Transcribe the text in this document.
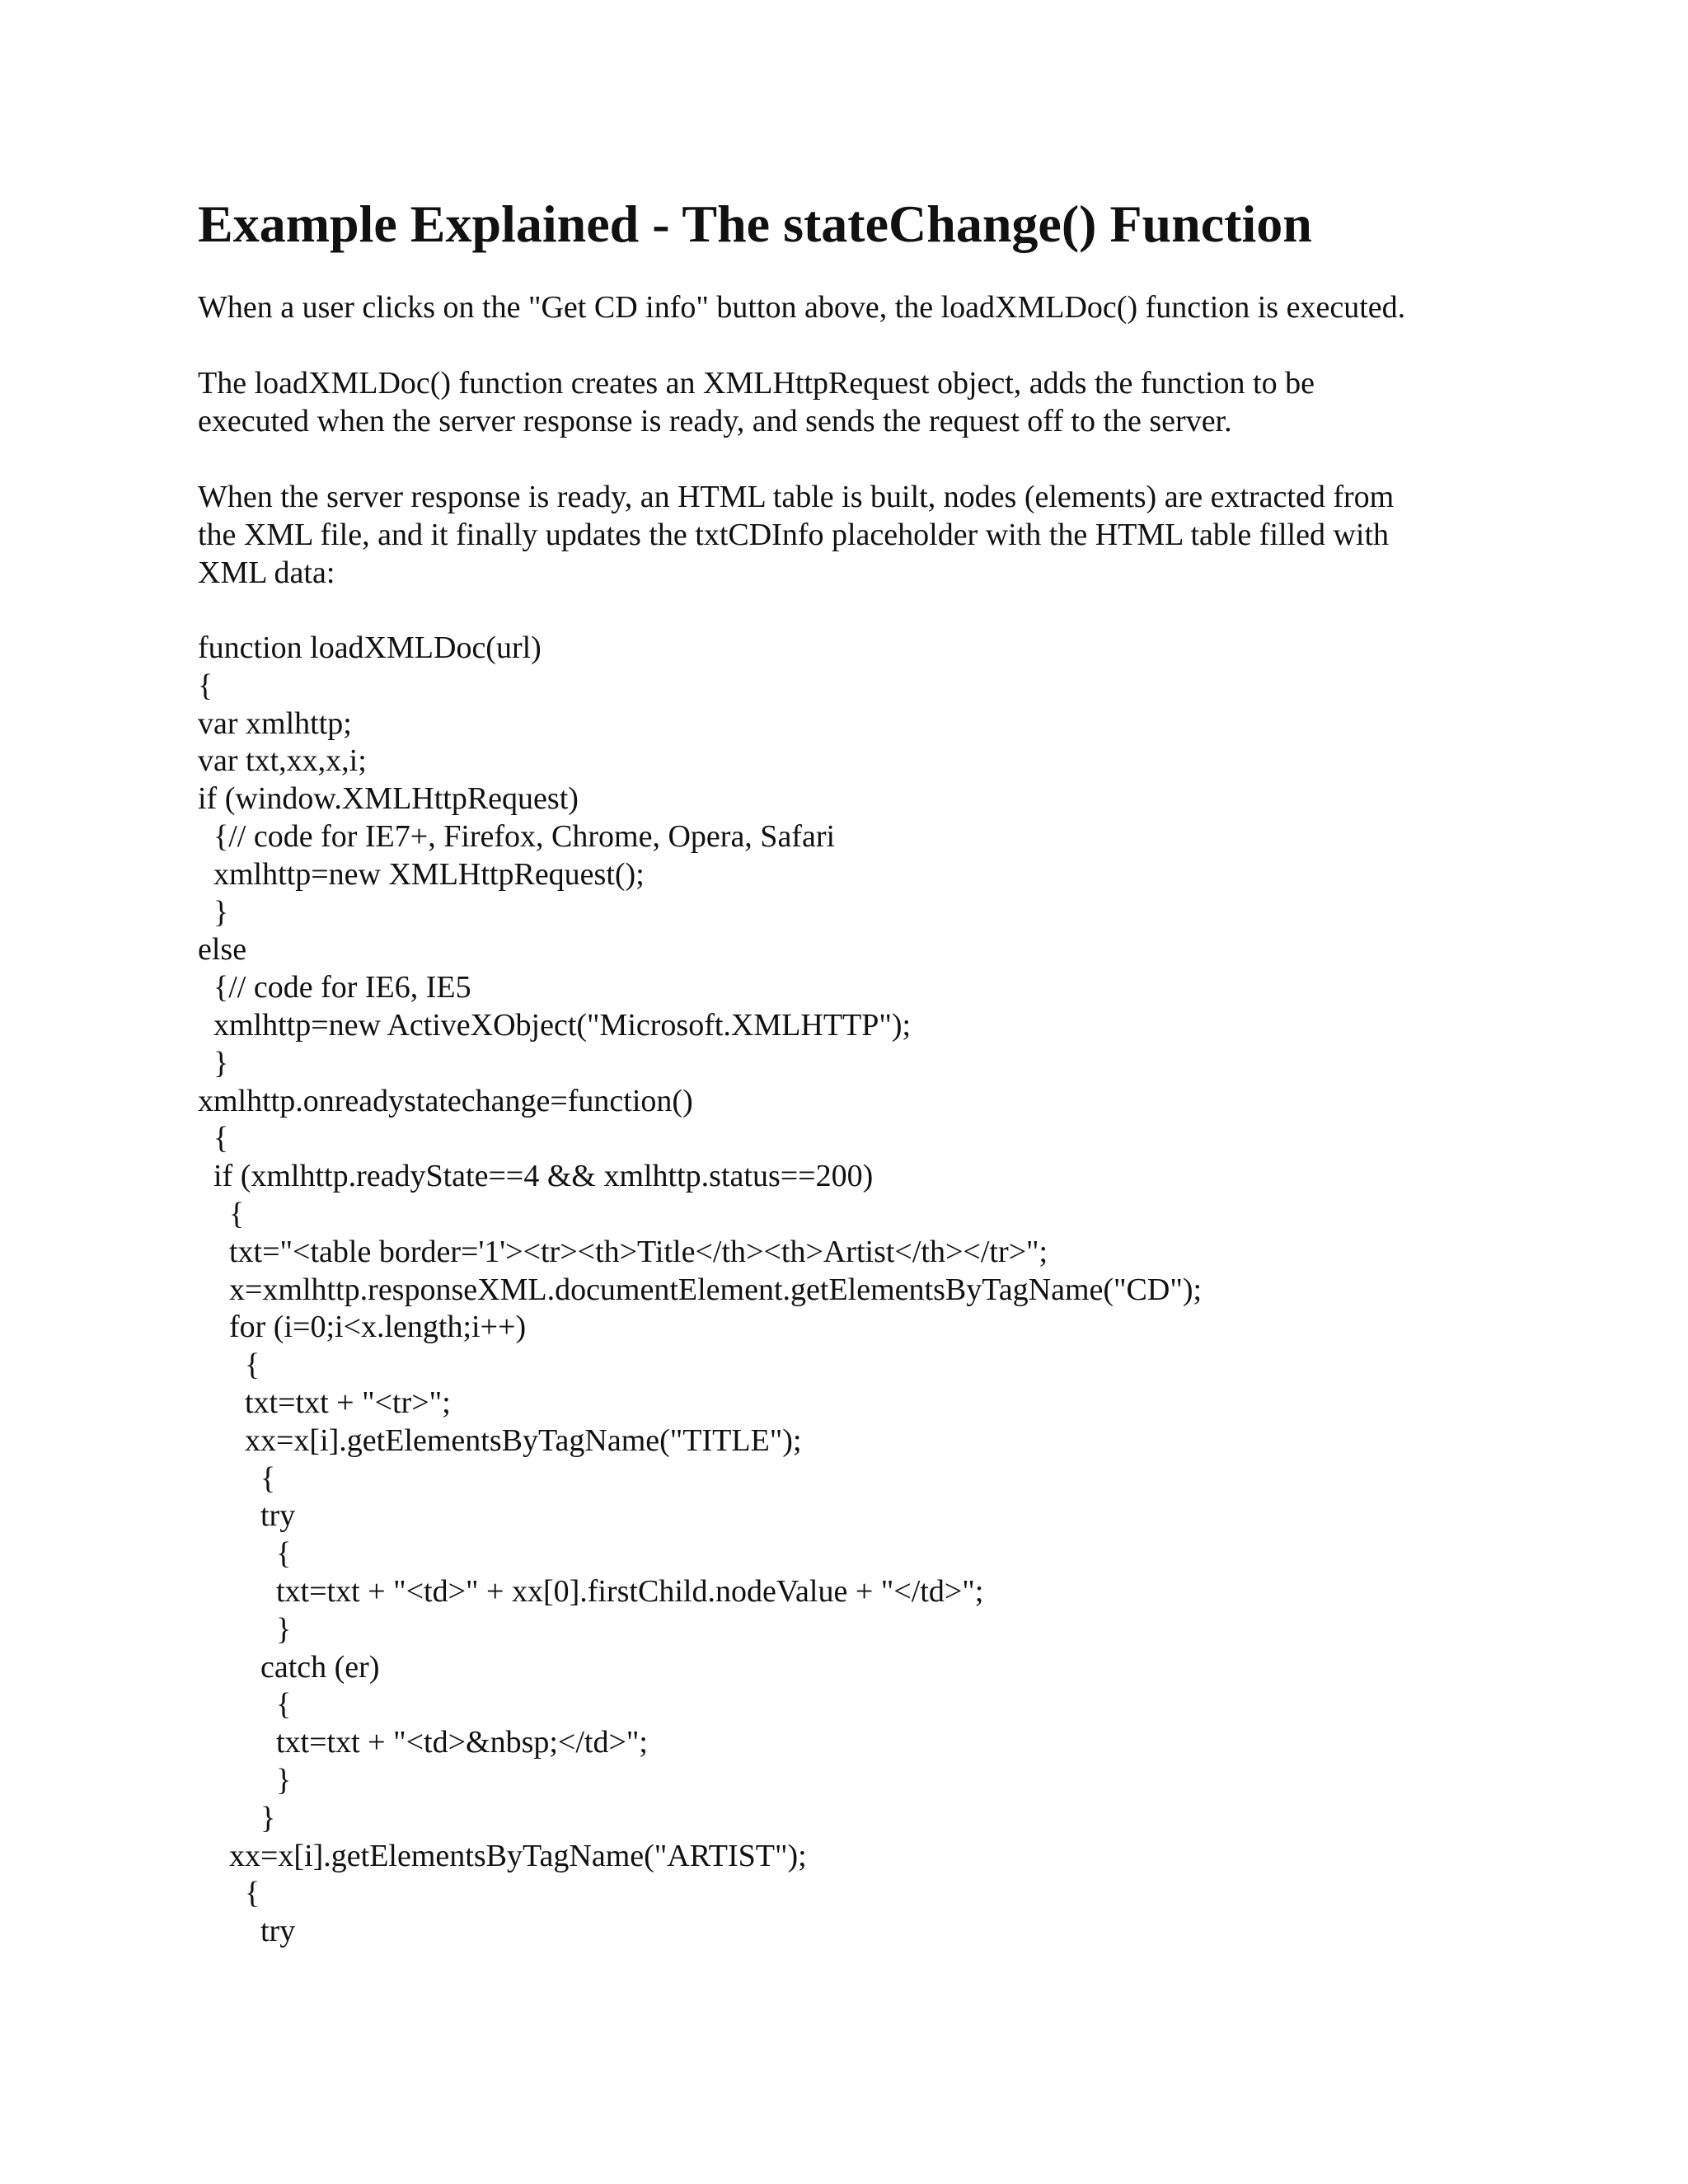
Example Explained - The stateChange() Function

When a user clicks on the "Get CD info" button above, the loadXMLDoc() function is executed.

The loadXMLDoc() function creates an XMLHttpRequest object, adds the function to be
executed when the server response is ready, and sends the request off to the server.

When the server response is ready, an HTML table is built, nodes (elements) are extracted from
the XML file, and it finally updates the txtCDInfo placeholder with the HTML table filled with
XML data:

function loadXMLDoc(url)
{
var xmlhttp;
var txt,xx,x,i;
if (window.XMLHttpRequest)
{// code for IE7+, Firefox, Chrome, Opera, Safari
xmlhttp=new XMLHttpRequest();
}
else
{// code for IE6, IE5
xmlhttp=new ActiveXObject("Microsoft.XMLHTTP");
}
xmlhttp.onreadystatechange=function()
{
if (xmlhttp.readyState==4 && xmlhttp.status==200)
{
txt="<table border='1'><tr><th>Title</th><th>Artist</th></tr>";
x=xmlhttp.responseXML.documentElement.getElementsByTagName("CD");
for (i=0;i<x.length;i++)
{
txt=txt + "<tr>";
xx=x[i].getElementsByTagName("TITLE");
{
try
{
txt=txt + "<td>" + xx[0].firstChild.nodeValue + "</td>";
}
catch (er)
{
txt=txt + "<td>&nbsp;</td>";
}
}
xx=x[i].getElementsByTagName("ARTIST");
{
try
